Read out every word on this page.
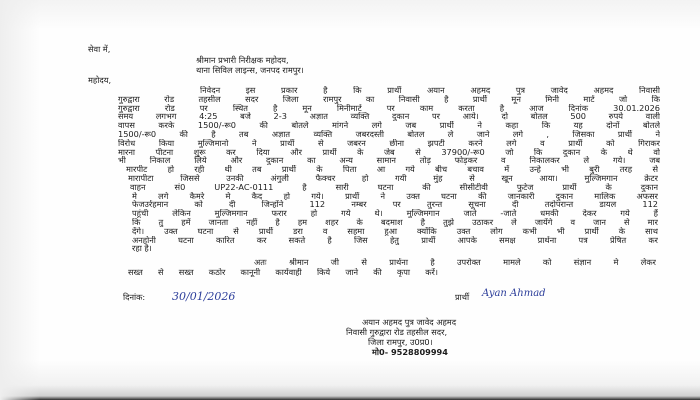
सेवा में,
श्रीमान प्रभारी निरीक्षक महोदय,
थाना सिविल लाइन्स, जनपद रामपुर।
महोदय,
निवेदन इस प्रकार है कि प्रार्थी अयान अहमद पुत्र जावेद अहमद निवासी
गुरुद्वारा रोड तहसील सदर जिला रामपुर का निवासी है प्रार्थी मून मिनी मार्ट जो कि
गुरुद्वारा रोड पर स्थित है मून मिनीमार्ट पर काम करता है आज दिनांक 30.01.2026
समय लगभग 4:25 बजे 2-3 अज्ञात व्यक्ति दुकान पर आये। दो बोतल 500 रुपये वाली
वापस करके 1500/-रू0 की बोतले मांगने लगे जब प्रार्थी ने कहा कि यह दोनों बोतले
1500/-रू0 की है तब अज्ञात व्यक्ति जबरदस्ती बोतल ले जाने लगे , जिसका प्रार्थी ने
विरोध किया मुल्जिमानो ने प्रार्थी से जबरन छीना झपटी करने लगे व प्रार्थी को गिराकर
मारना पीटना शुरू कर दिया और प्रार्थी के जेब से 37900/-रू0 जो कि दुकान के थे वो
भी निकाल लिये और दुकान का अन्य सामान तोड़ फोड़कर व निकालकर ले गये। जब
मारपीट हो रही थी तब प्रार्थी के पिता आ गये बीच बचाव में उन्हे भी बुरी तरह से
मारापीटा जिससे उनकी अंगुली फैक्चर हो गयी मुंह से खून आया। मुल्जिमगान क्रेटर
वाहन सं0 UP22-AC-0111 है सारी घटना की सीसीटीवी फुटेज प्रार्थी के दुकान
मे लगे कैमरे मे कैद हो गये। प्रार्थी ने उक्त घटना की जानकारी दुकान मालिक अफसर
फेजउर्रहमान को दी जिन्होंने 112 नम्बर पर तुरन्त सूचना दी तदोपरान्त डायल 112
पहुंची लेकिन मुल्जिमगान फरार हो गये थे। मुल्जिमगान जाते -जाते धमकी देकर गये हैं
कि तु हमें जानता नहीं है हम शहर के बदमाश है तुझे उठाकर ले जायेंगे व जान से मार
देंगे। उक्त घटना से प्रार्थी डरा व सहमा हुआ क्योंकि उक्त लोग कभी भी प्रार्थी के साथ
अनहोनी घटना कारित कर सकते है जिस हेतु प्रार्थी आपके समक्ष प्रार्थना पत्र प्रेषित कर
रहा है।
अतः श्रीमान जी से प्रार्थना है उपरोक्त मामले को संज्ञान मे लेकर
सख्त से सख्त कठोर कानूनी कार्यवाही किये जाने की कृपा करें।
दिनांक: 30/01/2026	प्रार्थी Ayan Ahmad
अयान अहमद पुत्र जावेद अहमद
निवासी गुरुद्वारा रोड तहसील सदर,
जिला रामपुर, उ0प्र0।
मो0- 9528809994
